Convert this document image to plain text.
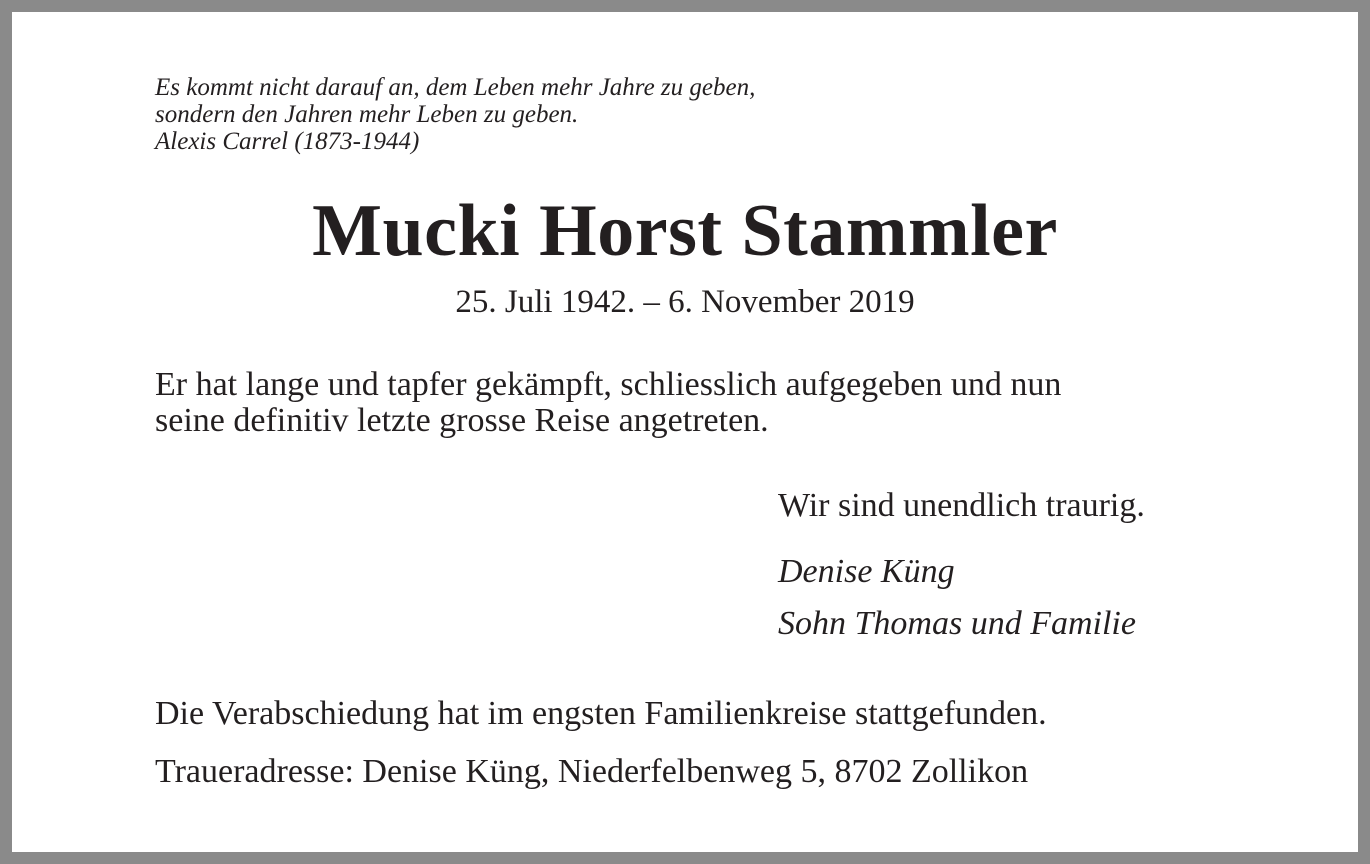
Es kommt nicht darauf an, dem Leben mehr Jahre zu geben,
sondern den Jahren mehr Leben zu geben.
Alexis Carrel (1873-1944)
Mucki Horst Stammler
25. Juli 1942. – 6. November 2019
Er hat lange und tapfer gekämpft, schliesslich aufgegeben und nun
seine definitiv letzte grosse Reise angetreten.
Wir sind unendlich traurig.
Denise Küng
Sohn Thomas und Familie
Die Verabschiedung hat im engsten Familienkreise stattgefunden.
Traueradresse: Denise Küng, Niederfelbenweg 5, 8702 Zollikon
